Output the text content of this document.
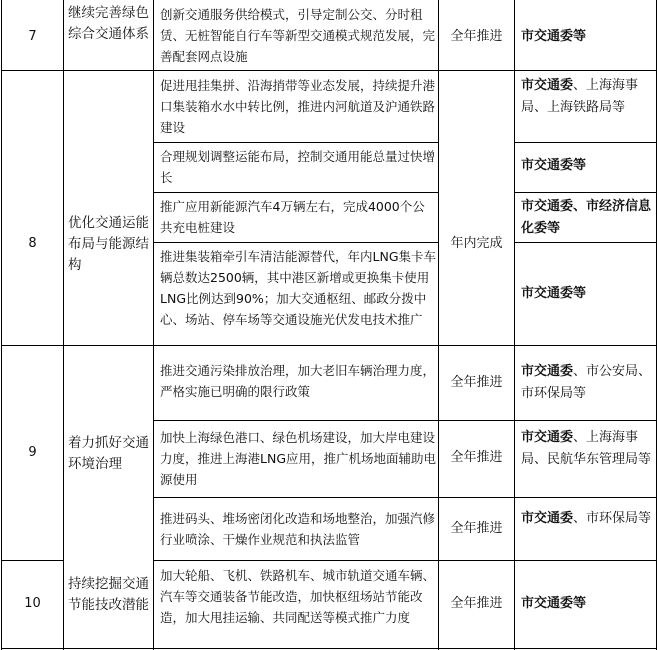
7
继续完善绿色综合交通体系
创新交通服务供给模式，引导定制公交、分时租赁、无桩智能自行车等新型交通模式规范发展，完善配套网点设施
全年推进	市交通委等
8
优化交通运能布局与能源结构
年内完成
促进甩挂集拼、沿海捎带等业态发展，持续提升港口集装箱水水中转比例，推进内河航道及沪通铁路建设
市交通委、上海海事局、上海铁路局等
合理规划调整运能布局，控制交通用能总量过快增长
市交通委等
推广应用新能源汽车4万辆左右，完成4000个公共充电桩建设
市交通委、市经济信息化委等
推进集装箱牵引车清洁能源替代，年内LNG集卡车辆总数达2500辆，其中港区新增或更换集卡使用LNG比例达到90%；加大交通枢纽、邮政分拨中心、场站、停车场等交通设施光伏发电技术推广
市交通委等
9
着力抓好交通环境治理
推进交通污染排放治理，加大老旧车辆治理力度，严格实施已明确的限行政策
全年推进
市交通委、市公安局、市环保局等
加快上海绿色港口、绿色机场建设，加大岸电建设力度，推进上海港LNG应用，推广机场地面辅助电源使用
全年推进
市交通委、上海海事局、民航华东管理局等
推进码头、堆场密闭化改造和场地整治，加强汽修行业喷涂、干燥作业规范和执法监管
全年推进
市交通委、市环保局等
10
持续挖掘交通节能技改潜能
加大轮船、飞机、铁路机车、城市轨道交通车辆、汽车等交通装备节能改造，加快枢纽场站节能改造，加大甩挂运输、共同配送等模式推广力度
全年推进	市交通委等
